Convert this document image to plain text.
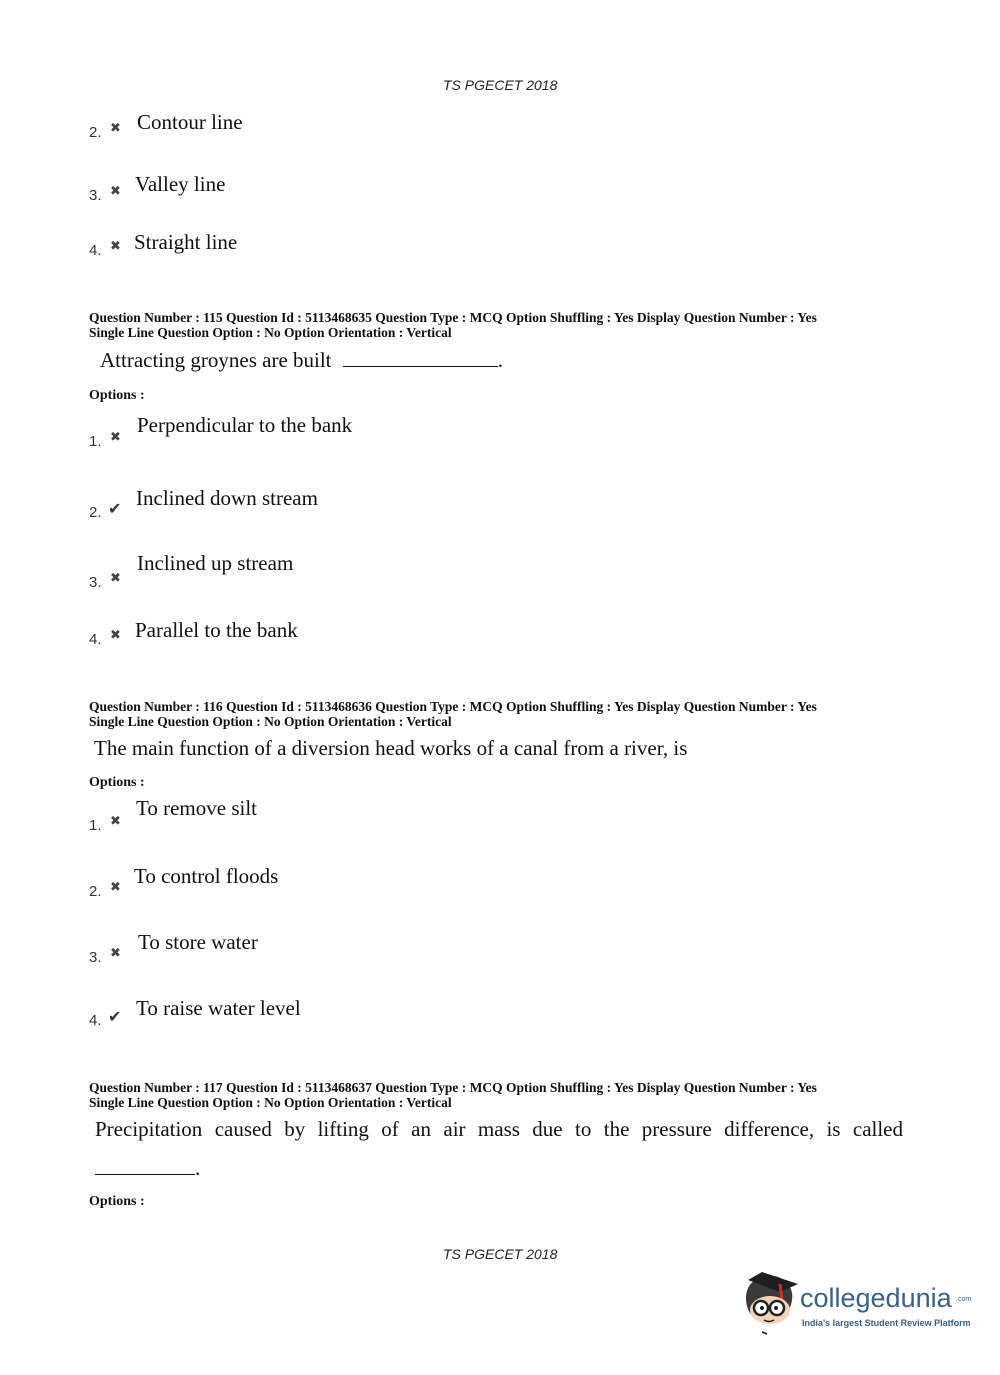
TS PGECET 2018
2. ✖ Contour line
3. ✖ Valley line
4. ✖ Straight line
Question Number : 115 Question Id : 5113468635 Question Type : MCQ Option Shuffling : Yes Display Question Number : Yes
Single Line Question Option : No Option Orientation : Vertical
Attracting groynes are built	.
Options :
1. ✖
Perpendicular to the bank
2. ✔ Inclined down stream
3. ✖
Inclined up stream
4. ✖ Parallel to the bank
Question Number : 116 Question Id : 5113468636 Question Type : MCQ Option Shuffling : Yes Display Question Number : Yes
Single Line Question Option : No Option Orientation : Vertical
The main function of a diversion head works of a canal from a river, is
Options :
1. ✖
To remove silt
2. ✖ To control floods
3. ✖ To store water
4. ✔ To raise water level
Question Number : 117 Question Id : 5113468637 Question Type : MCQ Option Shuffling : Yes Display Question Number : Yes
Single Line Question Option : No Option Orientation : Vertical
Precipitation caused by lifting of an air mass due to the pressure difference, is called
.
Options :
TS PGECET 2018
collegedunia .com
India's largest Student Review Platform
